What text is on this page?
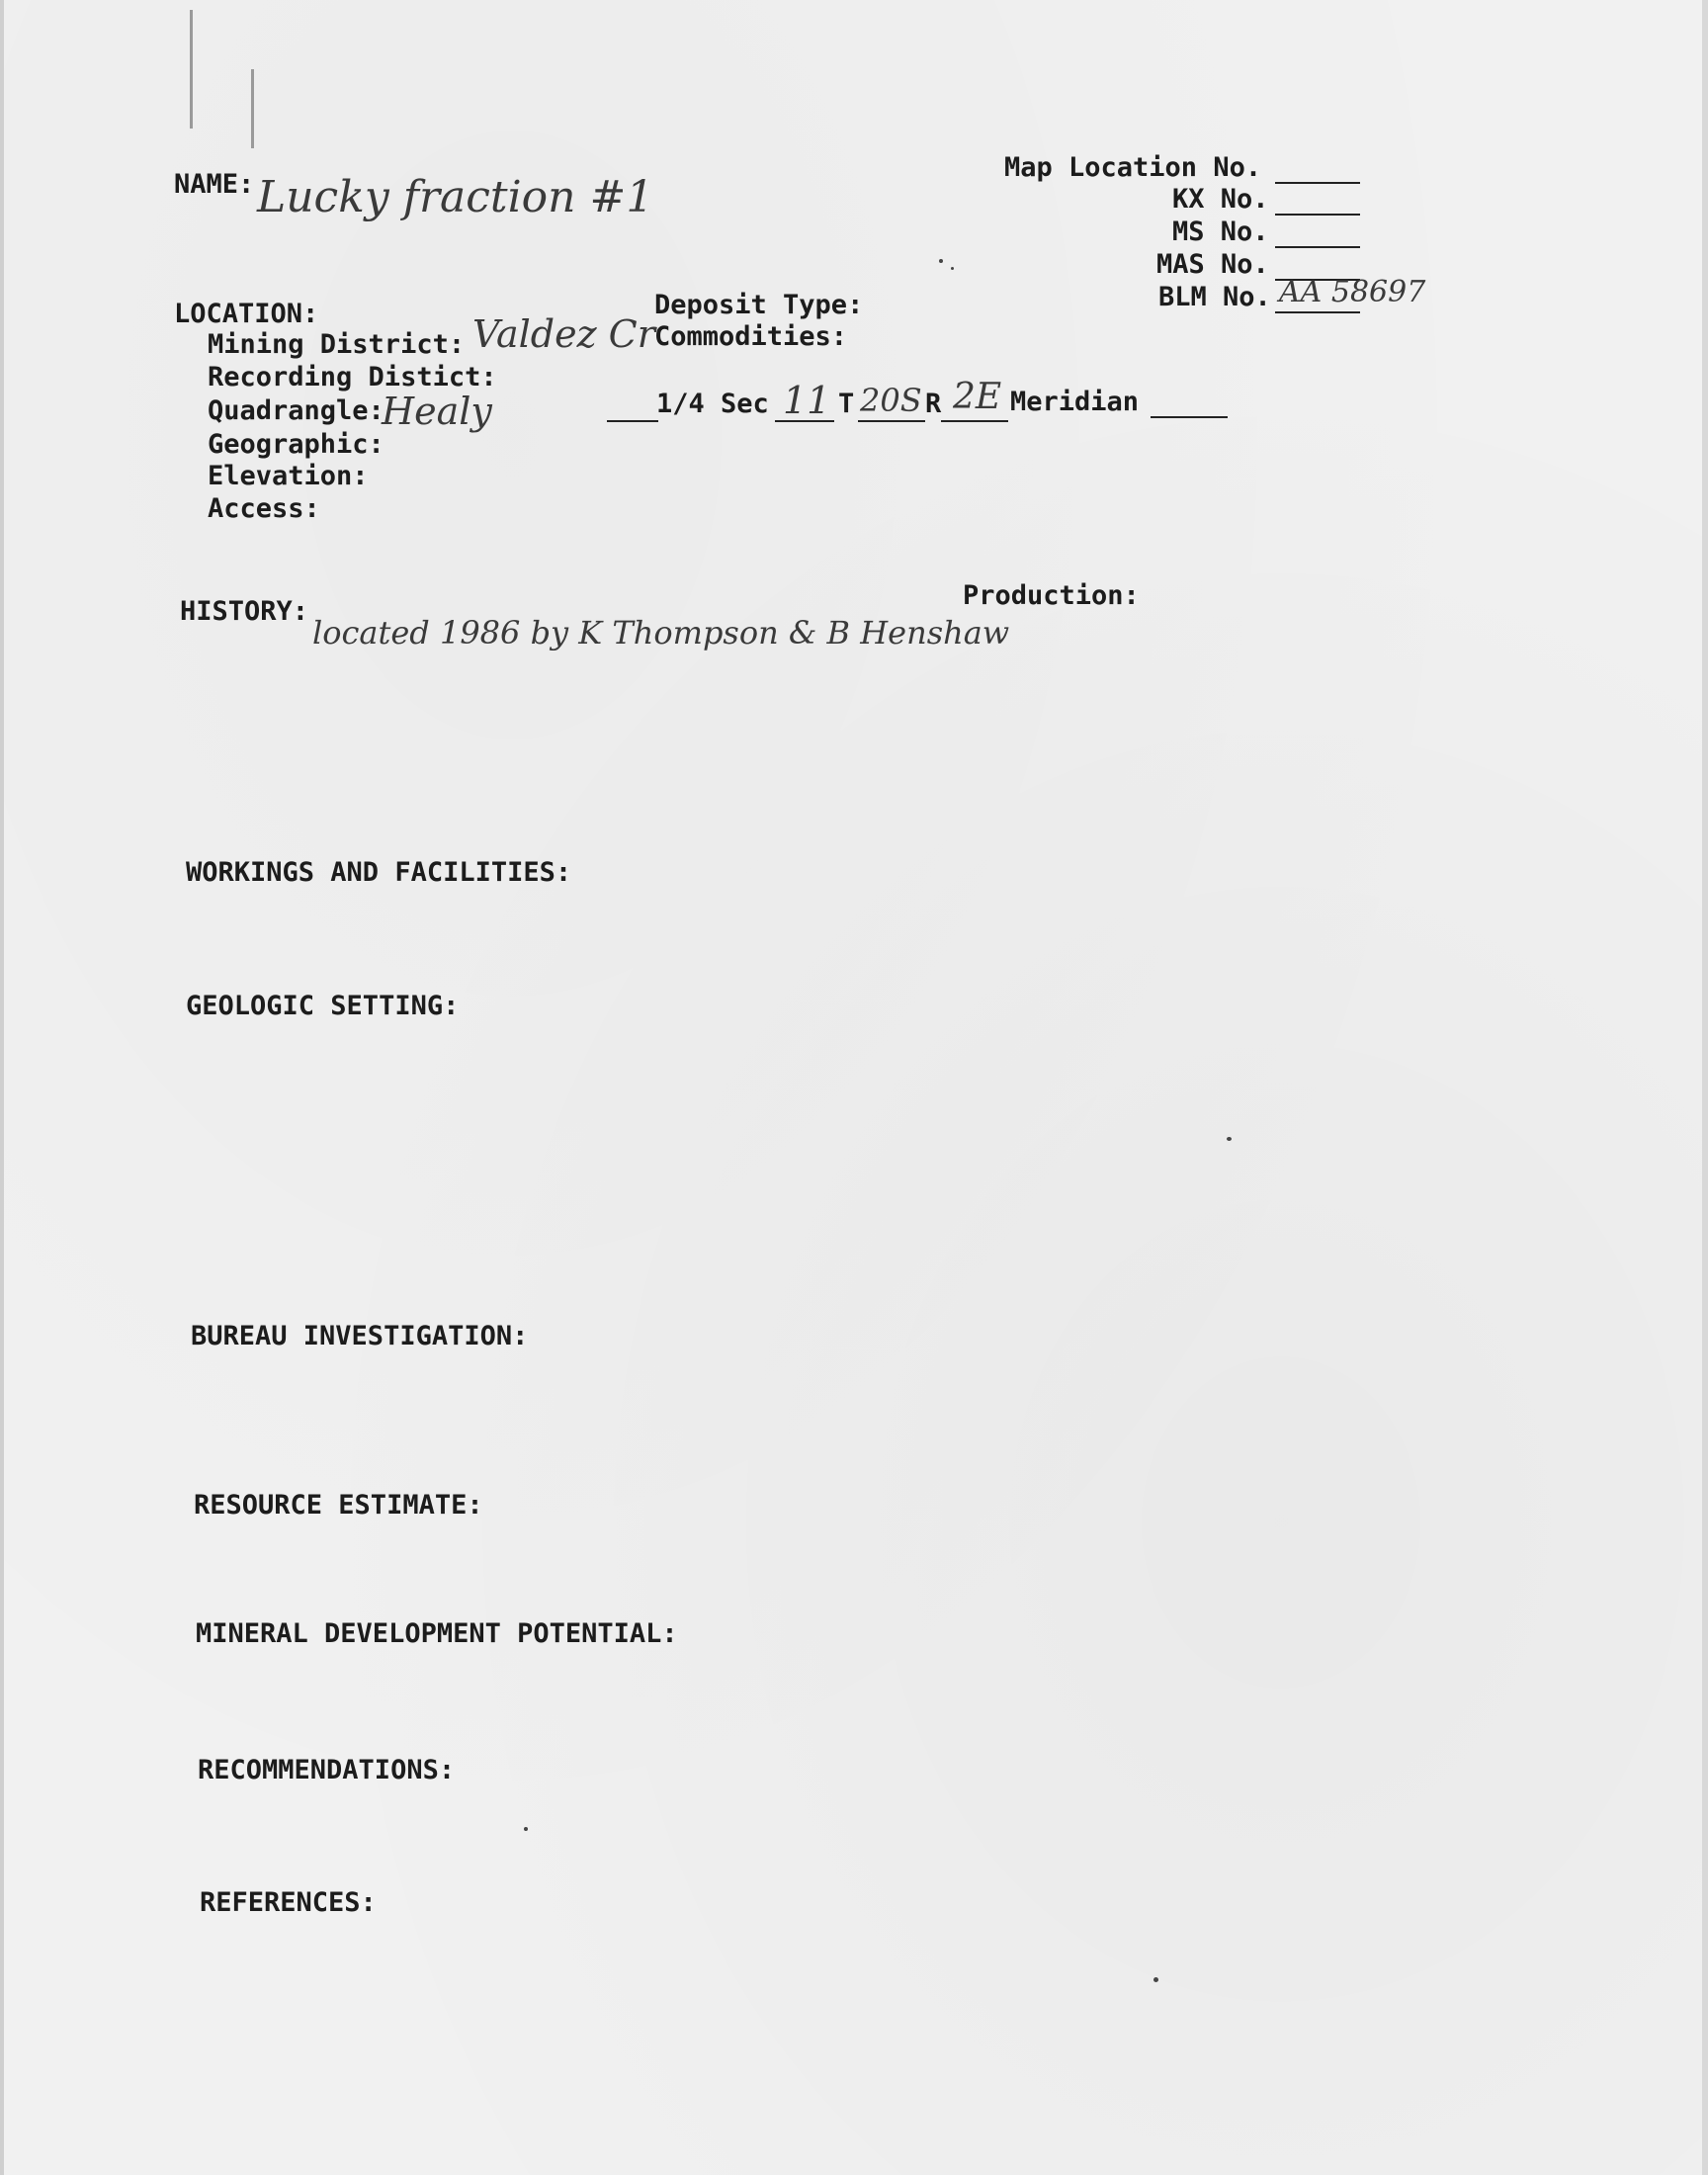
NAME: Lucky fraction #1
Map Location No.
KX No.
MS No.
MAS No.
BLM No. AA 58697
LOCATION:
Mining District: Valdez Cr
Recording Distict:
Quadrangle:
Healy
Geographic:
Elevation:
Access:
Deposit Type:
Commodities:
1/4 Sec 11 T 20S R 2E Meridian
HISTORY:
located 1986 by K Thompson & B Henshaw
Production:
WORKINGS AND FACILITIES:
GEOLOGIC SETTING:
BUREAU INVESTIGATION:
RESOURCE ESTIMATE:
MINERAL DEVELOPMENT POTENTIAL:
RECOMMENDATIONS:
REFERENCES:
